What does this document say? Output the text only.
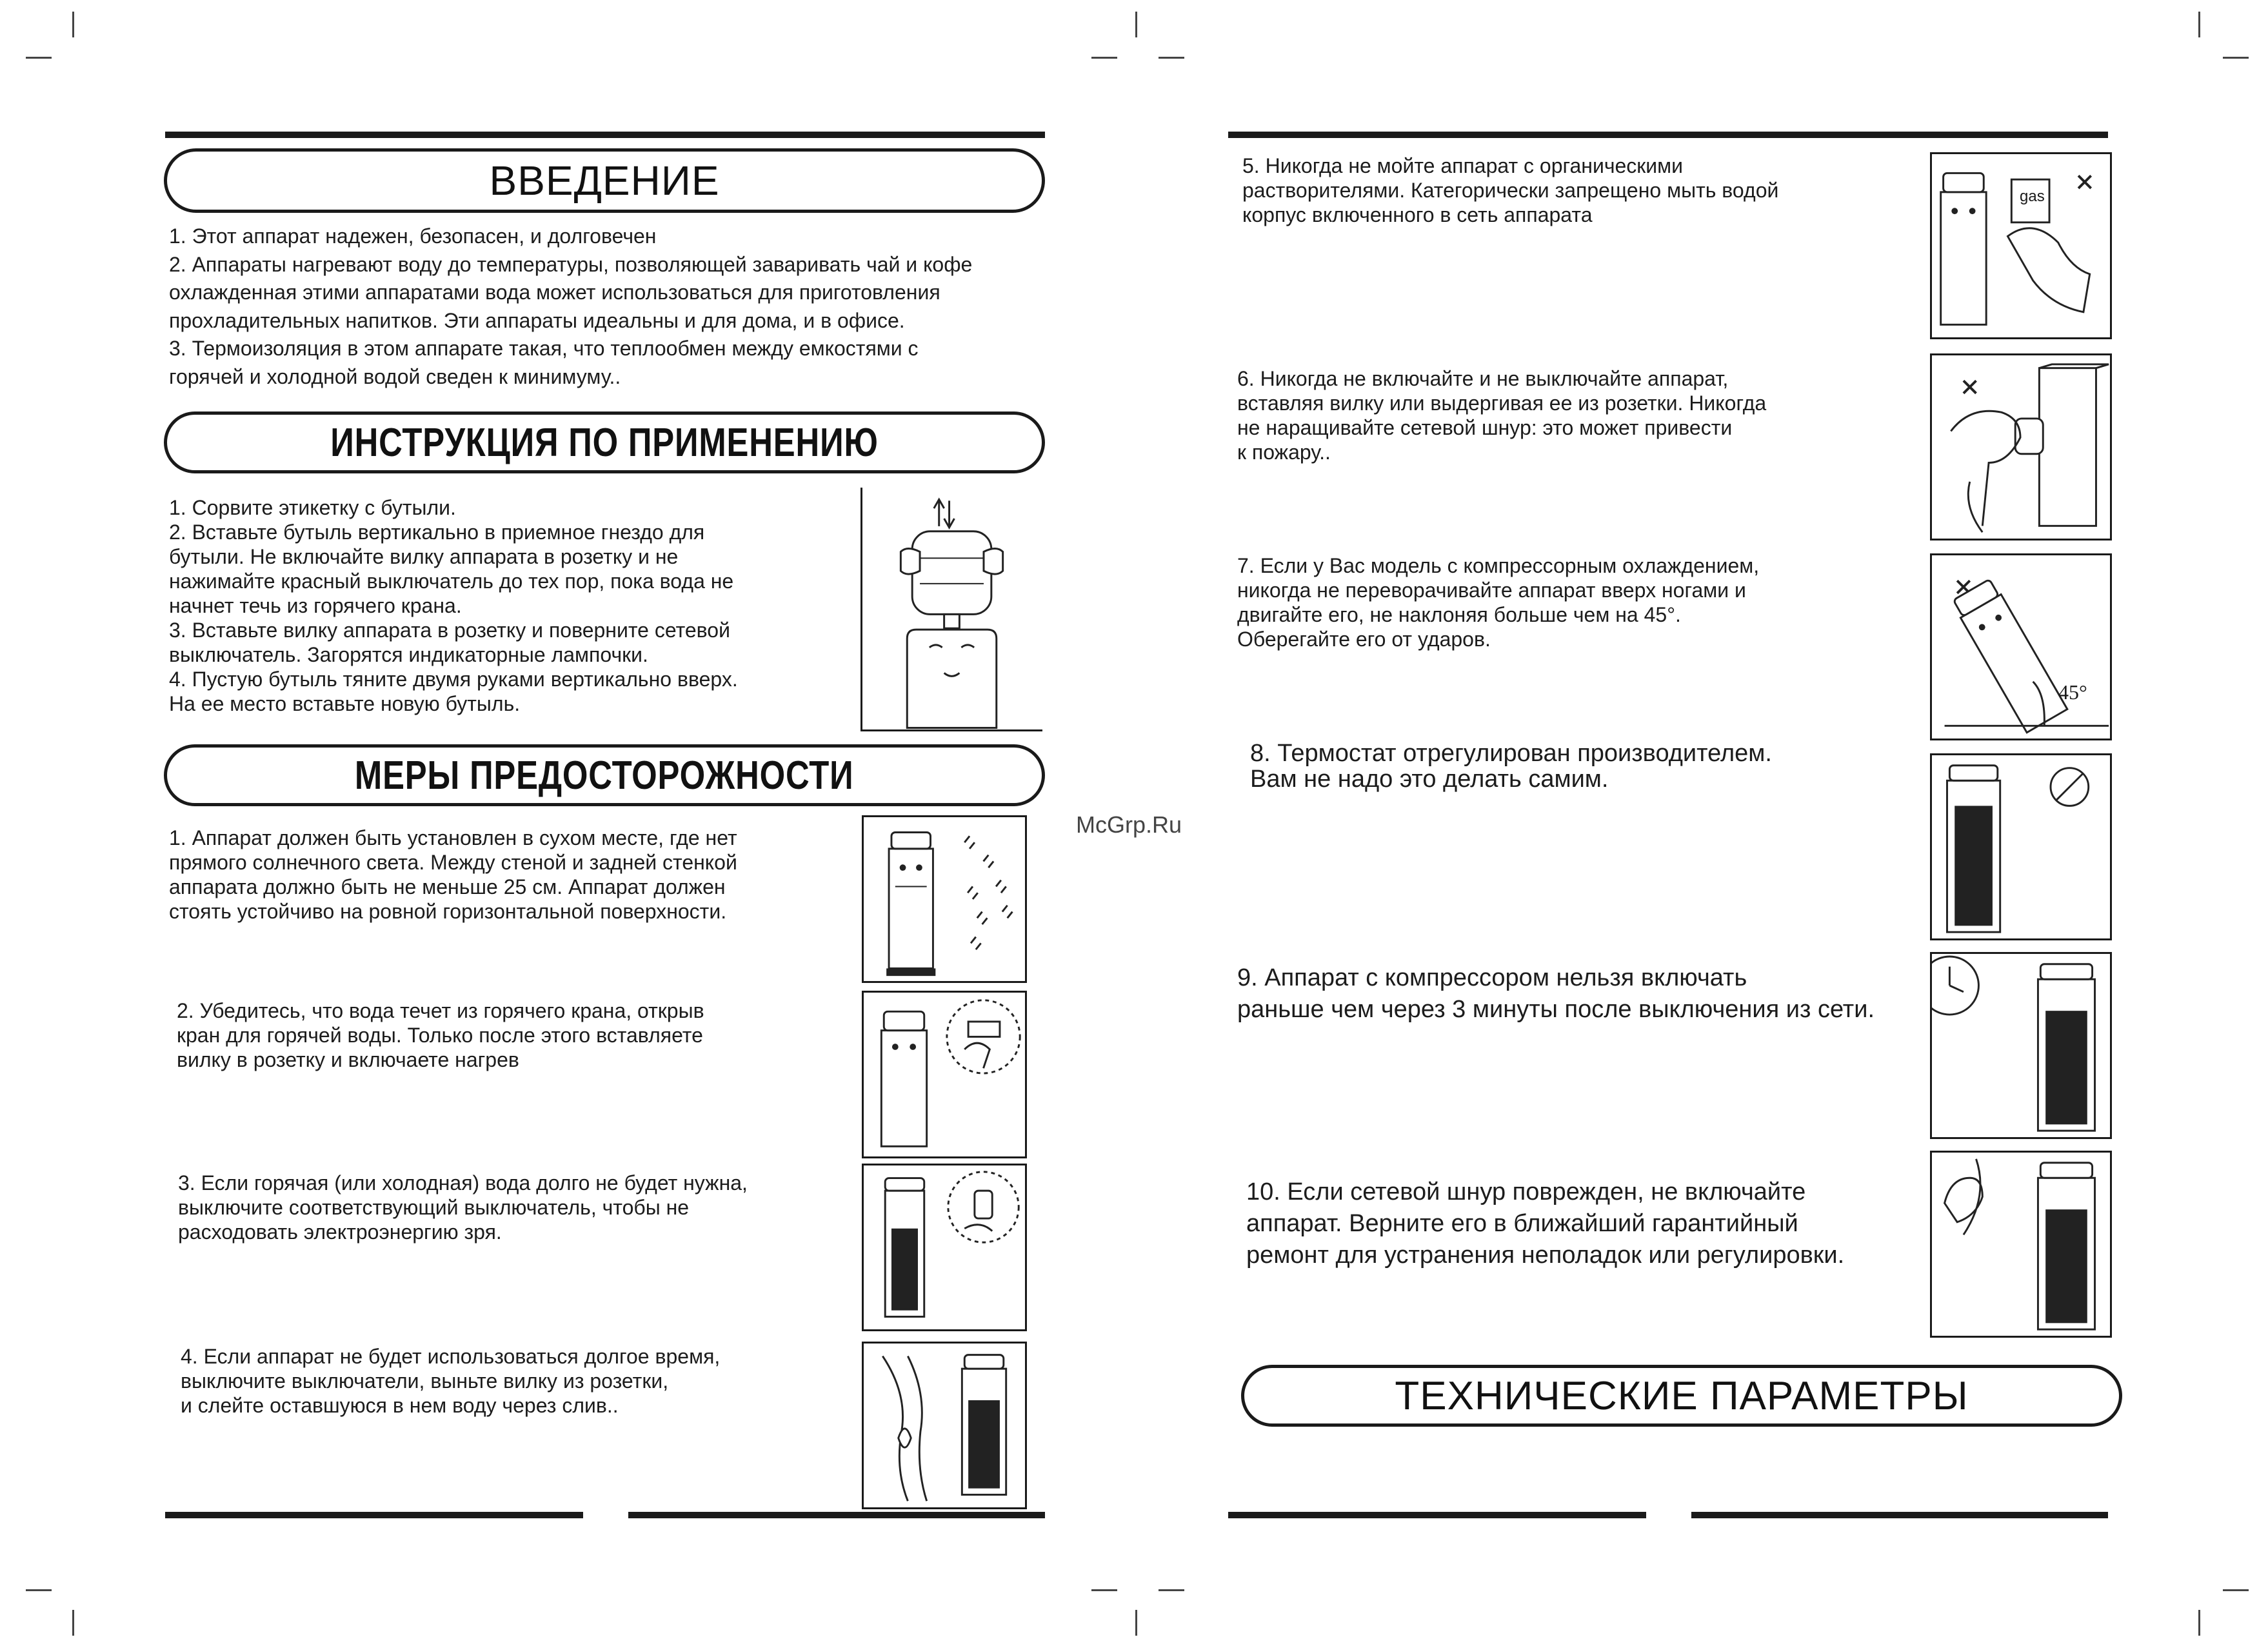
ВВЕДЕНИЕ
1. Этот аппарат надежен, безопасен, и долговечен
2. Аппараты нагревают воду до температуры, позволяющей заваривать чай и кофе
охлажденная этими аппаратами вода может использоваться для приготовления
прохладительных напитков. Эти аппараты идеальны и для дома, и в офисе.
3. Термоизоляция в этом аппарате такая, что теплообмен между емкостями с
горячей и холодной водой сведен к минимуму..
ИНСТРУКЦИЯ ПО ПРИМЕНЕНИЮ
1. Сорвите этикетку с бутыли.
2. Вставьте бутыль вертикально в приемное гнездо для
бутыли. Не включайте вилку аппарата в розетку и не
нажимайте красный выключатель до тех пор, пока вода не
начнет течь из горячего крана.
3. Вставьте вилку аппарата в розетку и поверните сетевой
выключатель. Загорятся индикаторные лампочки.
4. Пустую бутыль тяните двумя руками вертикально вверх.
На ее место вставьте новую бутыль.
МЕРЫ ПРЕДОСТОРОЖНОСТИ
1. Аппарат должен быть установлен в сухом месте, где нет
прямого солнечного света. Между стеной и задней стенкой
аппарата должно быть не меньше 25 см. Аппарат должен
стоять устойчиво на ровной горизонтальной поверхности.
2. Убедитесь, что вода течет из горячего крана, открыв
кран для горячей воды. Только после этого вставляете
вилку в розетку и включаете нагрев
3. Если горячая (или холодная) вода долго не будет нужна,
выключите соответствующий выключатель, чтобы не
расходовать электроэнергию зря.
4. Если аппарат не будет использоваться долгое время,
выключите выключатели, выньте вилку из розетки,
и слейте оставшуюся в нем воду через слив..
McGrp.Ru
5. Никогда не мойте аппарат с органическими
растворителями. Категорически запрещено мыть водой
корпус включенного в сеть аппарата
gas
6. Никогда не включайте и не выключайте аппарат,
вставляя вилку или выдергивая ее из розетки. Никогда
не наращивайте сетевой шнур: это может привести
к пожару..
7. Если у Вас модель с компрессорным охлаждением,
никогда не переворачивайте аппарат вверх ногами и
двигайте его, не наклоняя больше чем на 45°.
Оберегайте его от ударов.
45°
8. Термостат отрегулирован производителем.
Вам не надо это делать самим.
9. Аппарат с компрессором нельзя включать
раньше чем через 3 минуты после выключения из сети.
10. Если сетевой шнур поврежден, не включайте
аппарат. Верните его в ближайший гарантийный
ремонт для устранения неполадок или регулировки.
ТЕХНИЧЕСКИЕ ПАРАМЕТРЫ
